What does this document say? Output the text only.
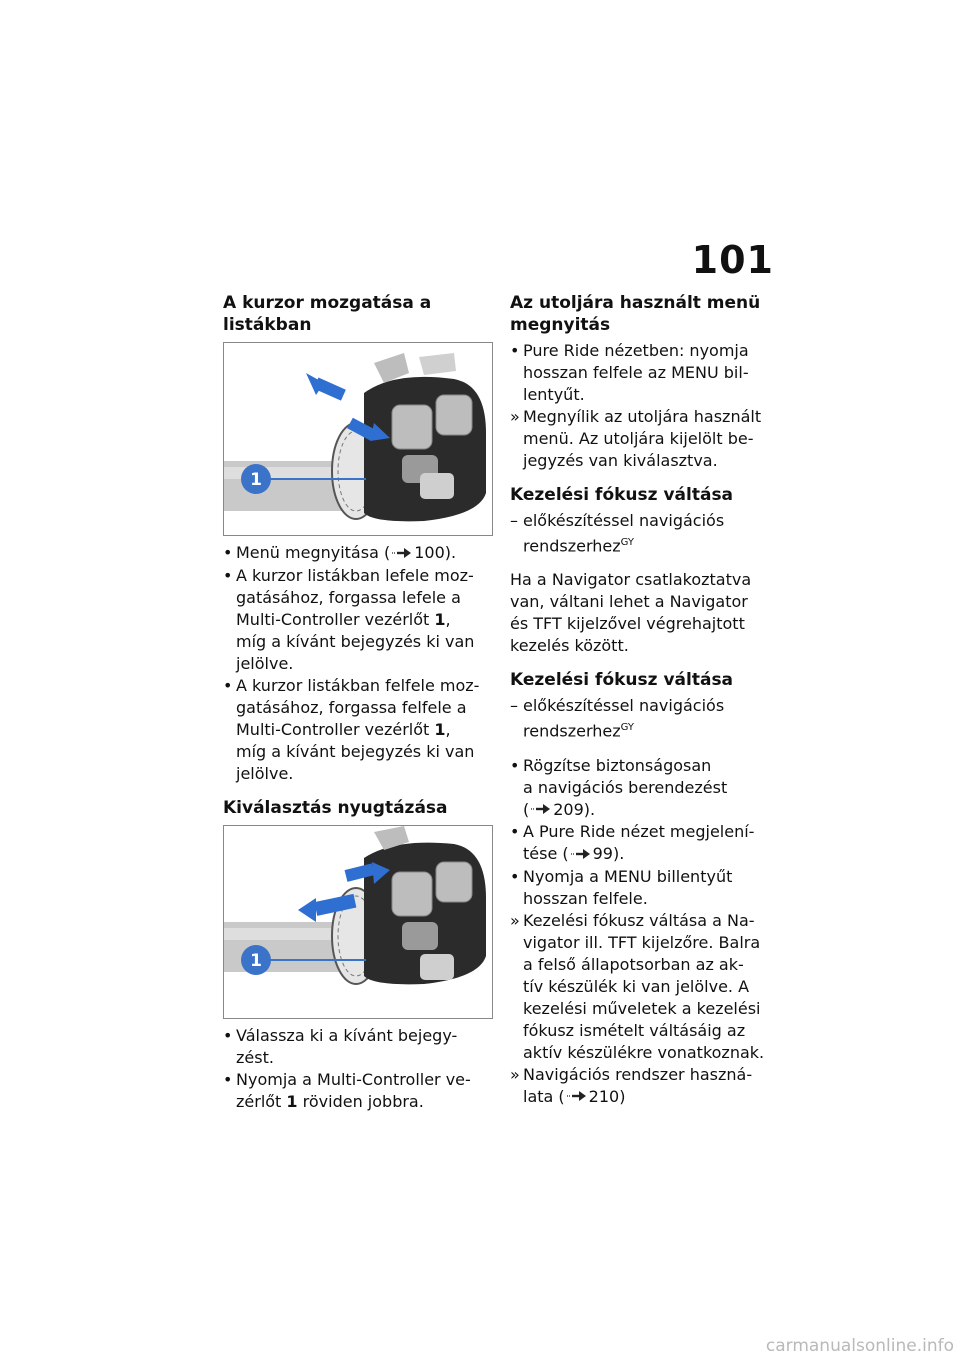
101
A kurzor mozgatása a
listákban
1
• Menü megnyitása ( 100).
• A kurzor listákban lefele moz-
gatásához, forgassa lefele a
Multi-Controller vezérlőt 1,
míg a kívánt bejegyzés ki van
jelölve.
• A kurzor listákban felfele moz-
gatásához, forgassa felfele a
Multi-Controller vezérlőt 1,
míg a kívánt bejegyzés ki van
jelölve.
Kiválasztás nyugtázása
1
• Válassza ki a kívánt bejegy-
zést.
• Nyomja a Multi-Controller ve-
zérlőt 1 röviden jobbra.
Az utoljára használt menü
megnyitás
• Pure Ride nézetben: nyomja
hosszan felfele az MENU bil-
lentyűt.
» Megnyílik az utoljára használt
menü. Az utoljára kijelölt be-
jegyzés van kiválasztva.
Kezelési fókusz váltása
– előkészítéssel navigációs
rendszerhez$^{GY}$
Ha a Navigator csatlakoztatva
van, váltani lehet a Navigator
és TFT kijelzővel végrehajtott
kezelés között.
Kezelési fókusz váltása
– előkészítéssel navigációs
rendszerhez$^{GY}$
• Rögzítse biztonságosan
a navigációs berendezést
( 209).
• A Pure Ride nézet megjelení-
tése ( 99).
• Nyomja a MENU billentyűt
hosszan felfele.
» Kezelési fókusz váltása a Na-
vigator ill. TFT kijelzőre. Balra
a felső állapotsorban az ak-
tív készülék ki van jelölve. A
kezelési műveletek a kezelési
fókusz ismételt váltásáig az
aktív készülékre vonatkoznak.
» Navigációs rendszer haszná-
lata ( 210)
carmanualsonline.info
